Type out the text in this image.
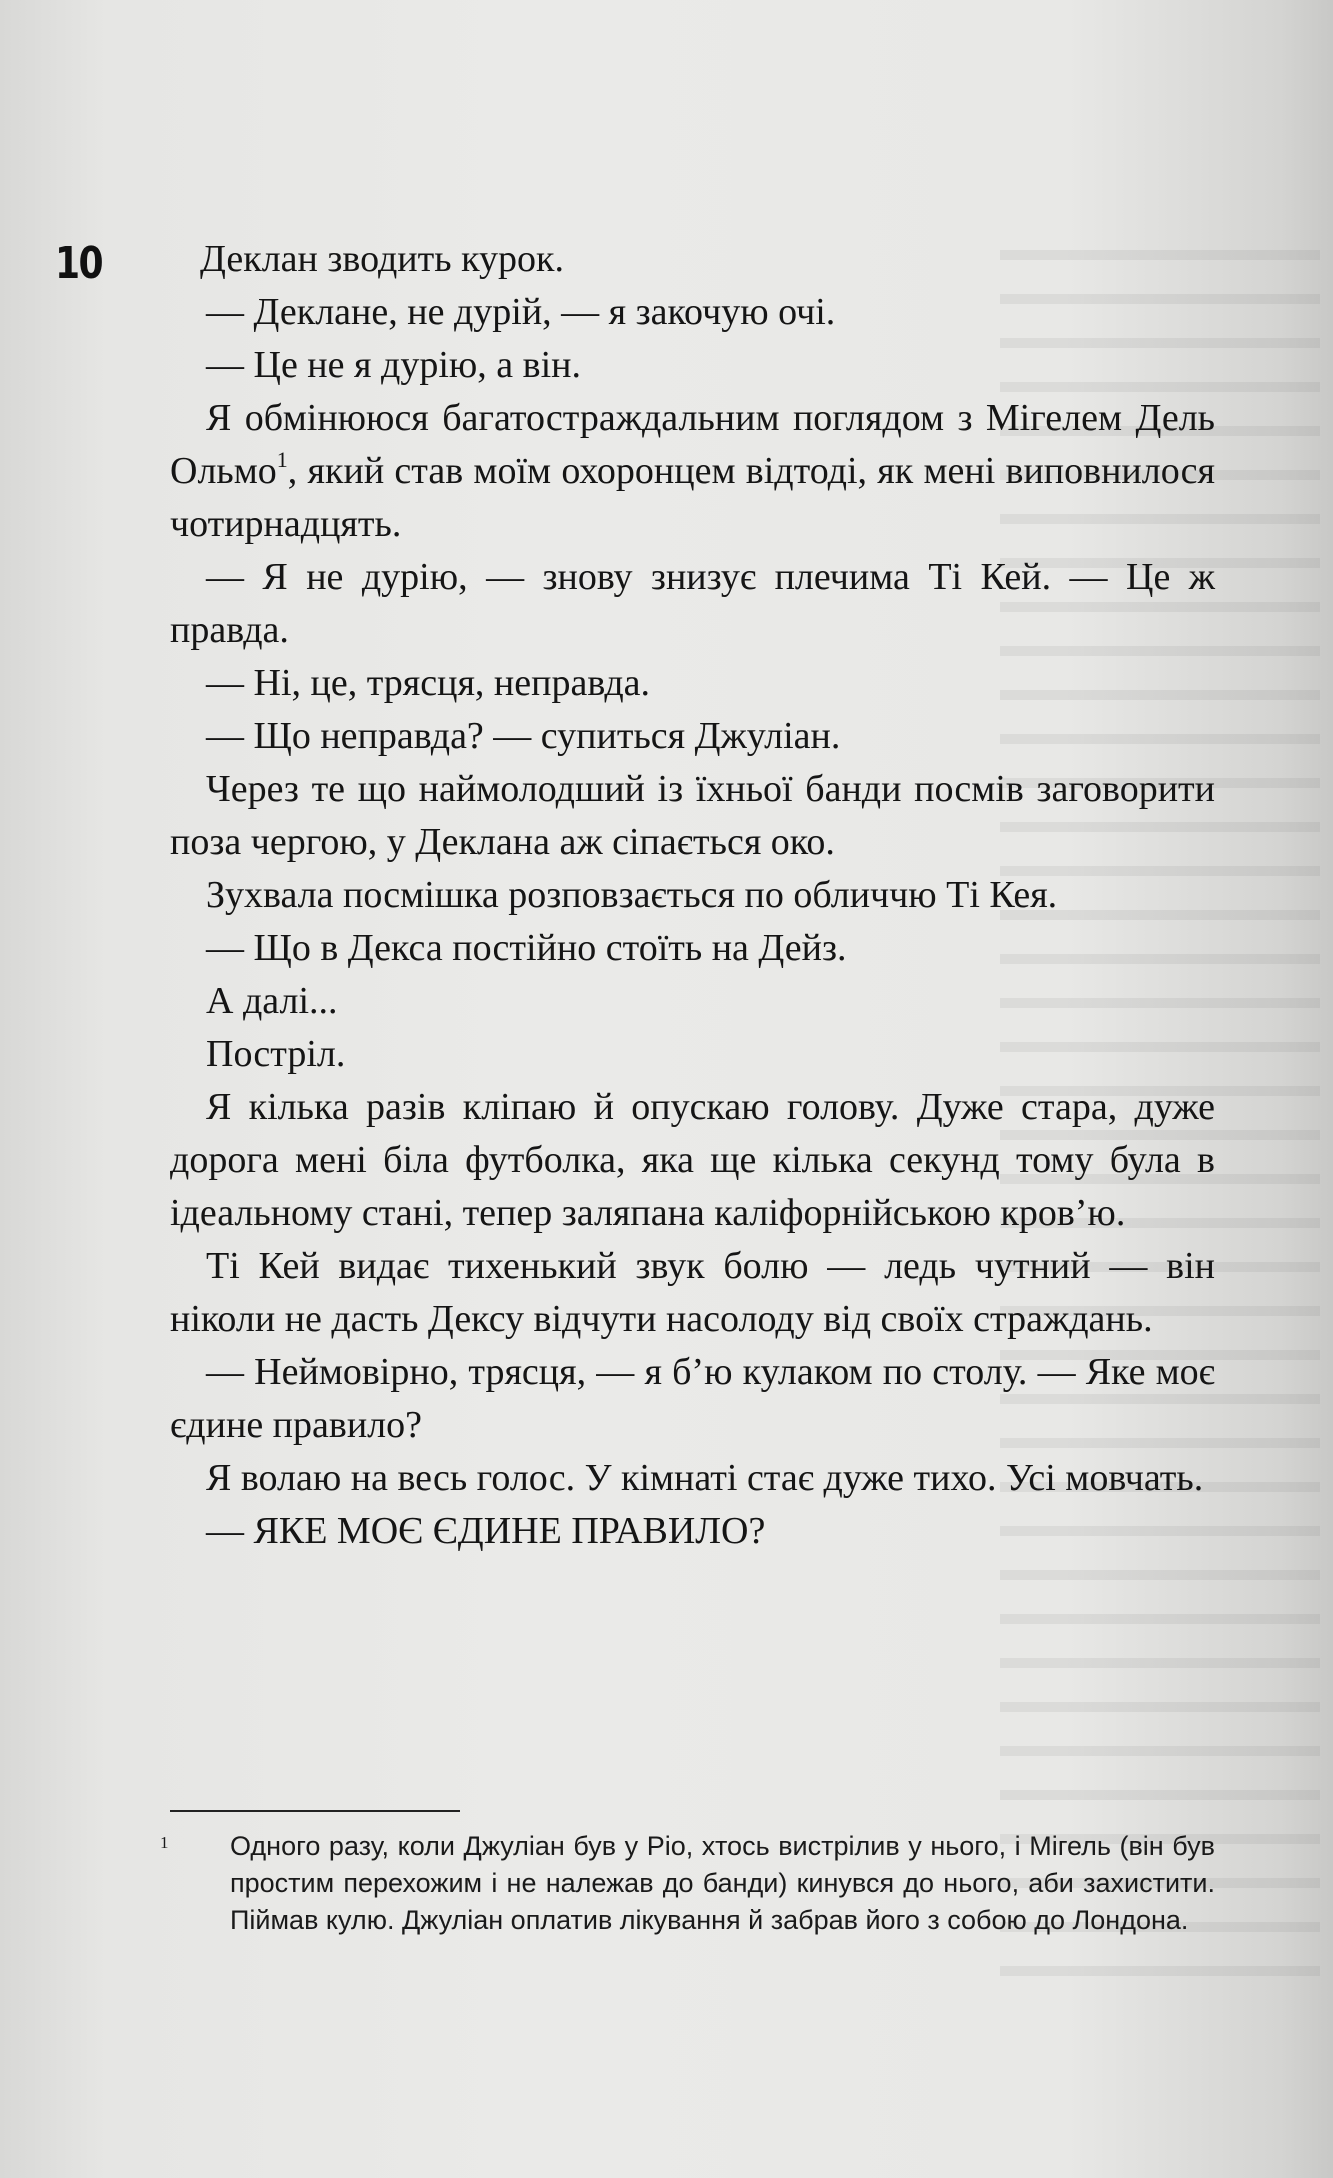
10	Деклан зводить курок.

— Деклане, не дурій, — я закочую очі.

— Це не я дурію, а він.

Я обмінююся багатостраждальним поглядом з Мігелем Дель Ольмо$^1$, який став моїм охоронцем відтоді, як мені виповнилося чотирнадцять.

— Я не дурію, — знову знизує плечима Ті Кей. — Це ж правда.

— Ні, це, трясця, неправда.

— Що неправда? — супиться Джуліан.

Через те що наймолодший із їхньої банди посмів заговорити поза чергою, у Деклана аж сіпається око.

Зухвала посмішка розповзається по обличчю Ті Кея.

— Що в Декса постійно стоїть на Дейз.

А далі...

Постріл.

Я кілька разів кліпаю й опускаю голову. Дуже стара, дуже дорога мені біла футболка, яка ще кілька секунд тому була в ідеальному стані, тепер заляпана каліфорнійською кров’ю.

Ті Кей видає тихенький звук болю — ледь чутний — він ніколи не дасть Дексу відчути насолоду від своїх страждань.

— Неймовірно, трясця, — я б’ю кулаком по столу. — Яке моє єдине правило?

Я волаю на весь голос. У кімнаті стає дуже тихо. Усі мовчать.

— ЯКЕ МОЄ ЄДИНЕ ПРАВИЛО?

1	Одного разу, коли Джуліан був у Ріо, хтось вистрілив у нього, і Мігель (він був простим перехожим і не належав до банди) кинувся до нього, аби захистити. Піймав кулю. Джуліан оплатив лікування й забрав його з собою до Лондона.
